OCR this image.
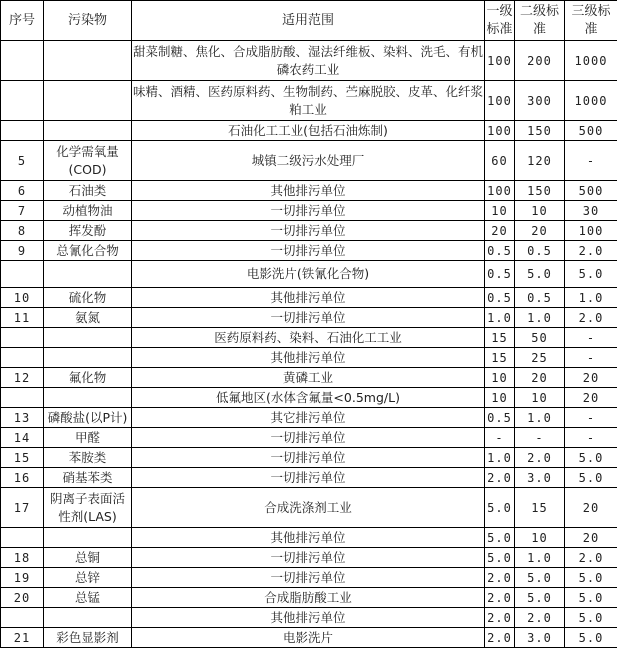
序号	污染物	适用范围	一级标准	二级标准	三级标准
		甜菜制糖、焦化、合成脂肪酸、湿法纤维板、染料、洗毛、有机磷农药工业	100	200	1000
		味精、酒精、医药原料药、生物制药、苎麻脱胶、皮革、化纤浆粕工业	100	300	1000
		石油化工工业(包括石油炼制)	100	150	500
5	化学需氧量(COD)	城镇二级污水处理厂	60	120	-
6	石油类	其他排污单位	100	150	500
7	动植物油	一切排污单位	10	10	30
8	挥发酚	一切排污单位	20	20	100
9	总氰化合物	一切排污单位	0.5	0.5	2.0
		电影洗片(铁氰化合物)	0.5	5.0	5.0
10	硫化物	其他排污单位	0.5	0.5	1.0
11	氨氮	一切排污单位	1.0	1.0	2.0
		医药原料药、染料、石油化工工业	15	50	-
		其他排污单位	15	25	-
12	氟化物	黄磷工业	10	20	20
		低氟地区(水体含氟量<0.5mg/L)	10	10	20
13	磷酸盐(以P计)	其它排污单位	0.5	1.0	-
14	甲醛	一切排污单位	-	-	-
15	苯胺类	一切排污单位	1.0	2.0	5.0
16	硝基苯类	一切排污单位	2.0	3.0	5.0
17	阴离子表面活性剂(LAS)	合成洗涤剂工业	5.0	15	20
		其他排污单位	5.0	10	20
18	总铜	一切排污单位	5.0	1.0	2.0
19	总锌	一切排污单位	2.0	5.0	5.0
20	总锰	合成脂肪酸工业	2.0	5.0	5.0
		其他排污单位	2.0	2.0	5.0
21	彩色显影剂	电影洗片	2.0	3.0	5.0
